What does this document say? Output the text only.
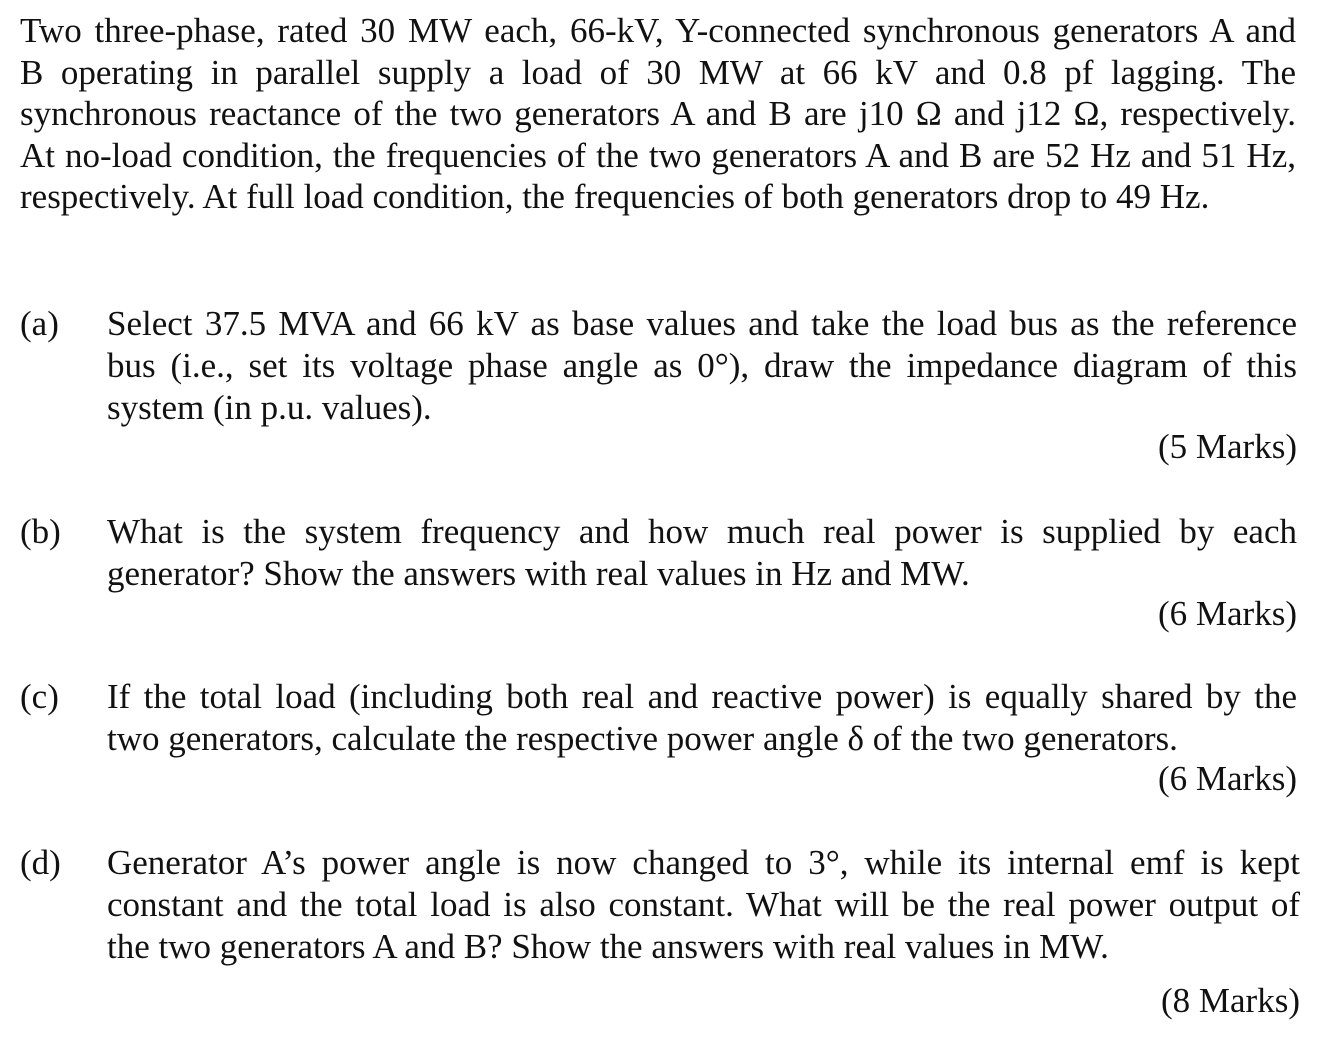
Two three-phase, rated 30 MW each, 66-kV, Y-connected synchronous generators A and
B operating in parallel supply a load of 30 MW at 66 kV and 0.8 pf lagging. The
synchronous reactance of the two generators A and B are j10 Ω and j12 Ω, respectively.
At no-load condition, the frequencies of the two generators A and B are 52 Hz and 51 Hz,
respectively. At full load condition, the frequencies of both generators drop to 49 Hz.
(a)	Select 37.5 MVA and 66 kV as base values and take the load bus as the reference
bus (i.e., set its voltage phase angle as 0°), draw the impedance diagram of this
system (in p.u. values).
(5 Marks)
(b)	What is the system frequency and how much real power is supplied by each
generator? Show the answers with real values in Hz and MW.
(6 Marks)
(c)	If the total load (including both real and reactive power) is equally shared by the
two generators, calculate the respective power angle δ of the two generators.
(6 Marks)
(d)	Generator A’s power angle is now changed to 3°, while its internal emf is kept
constant and the total load is also constant. What will be the real power output of
the two generators A and B? Show the answers with real values in MW.
(8 Marks)
